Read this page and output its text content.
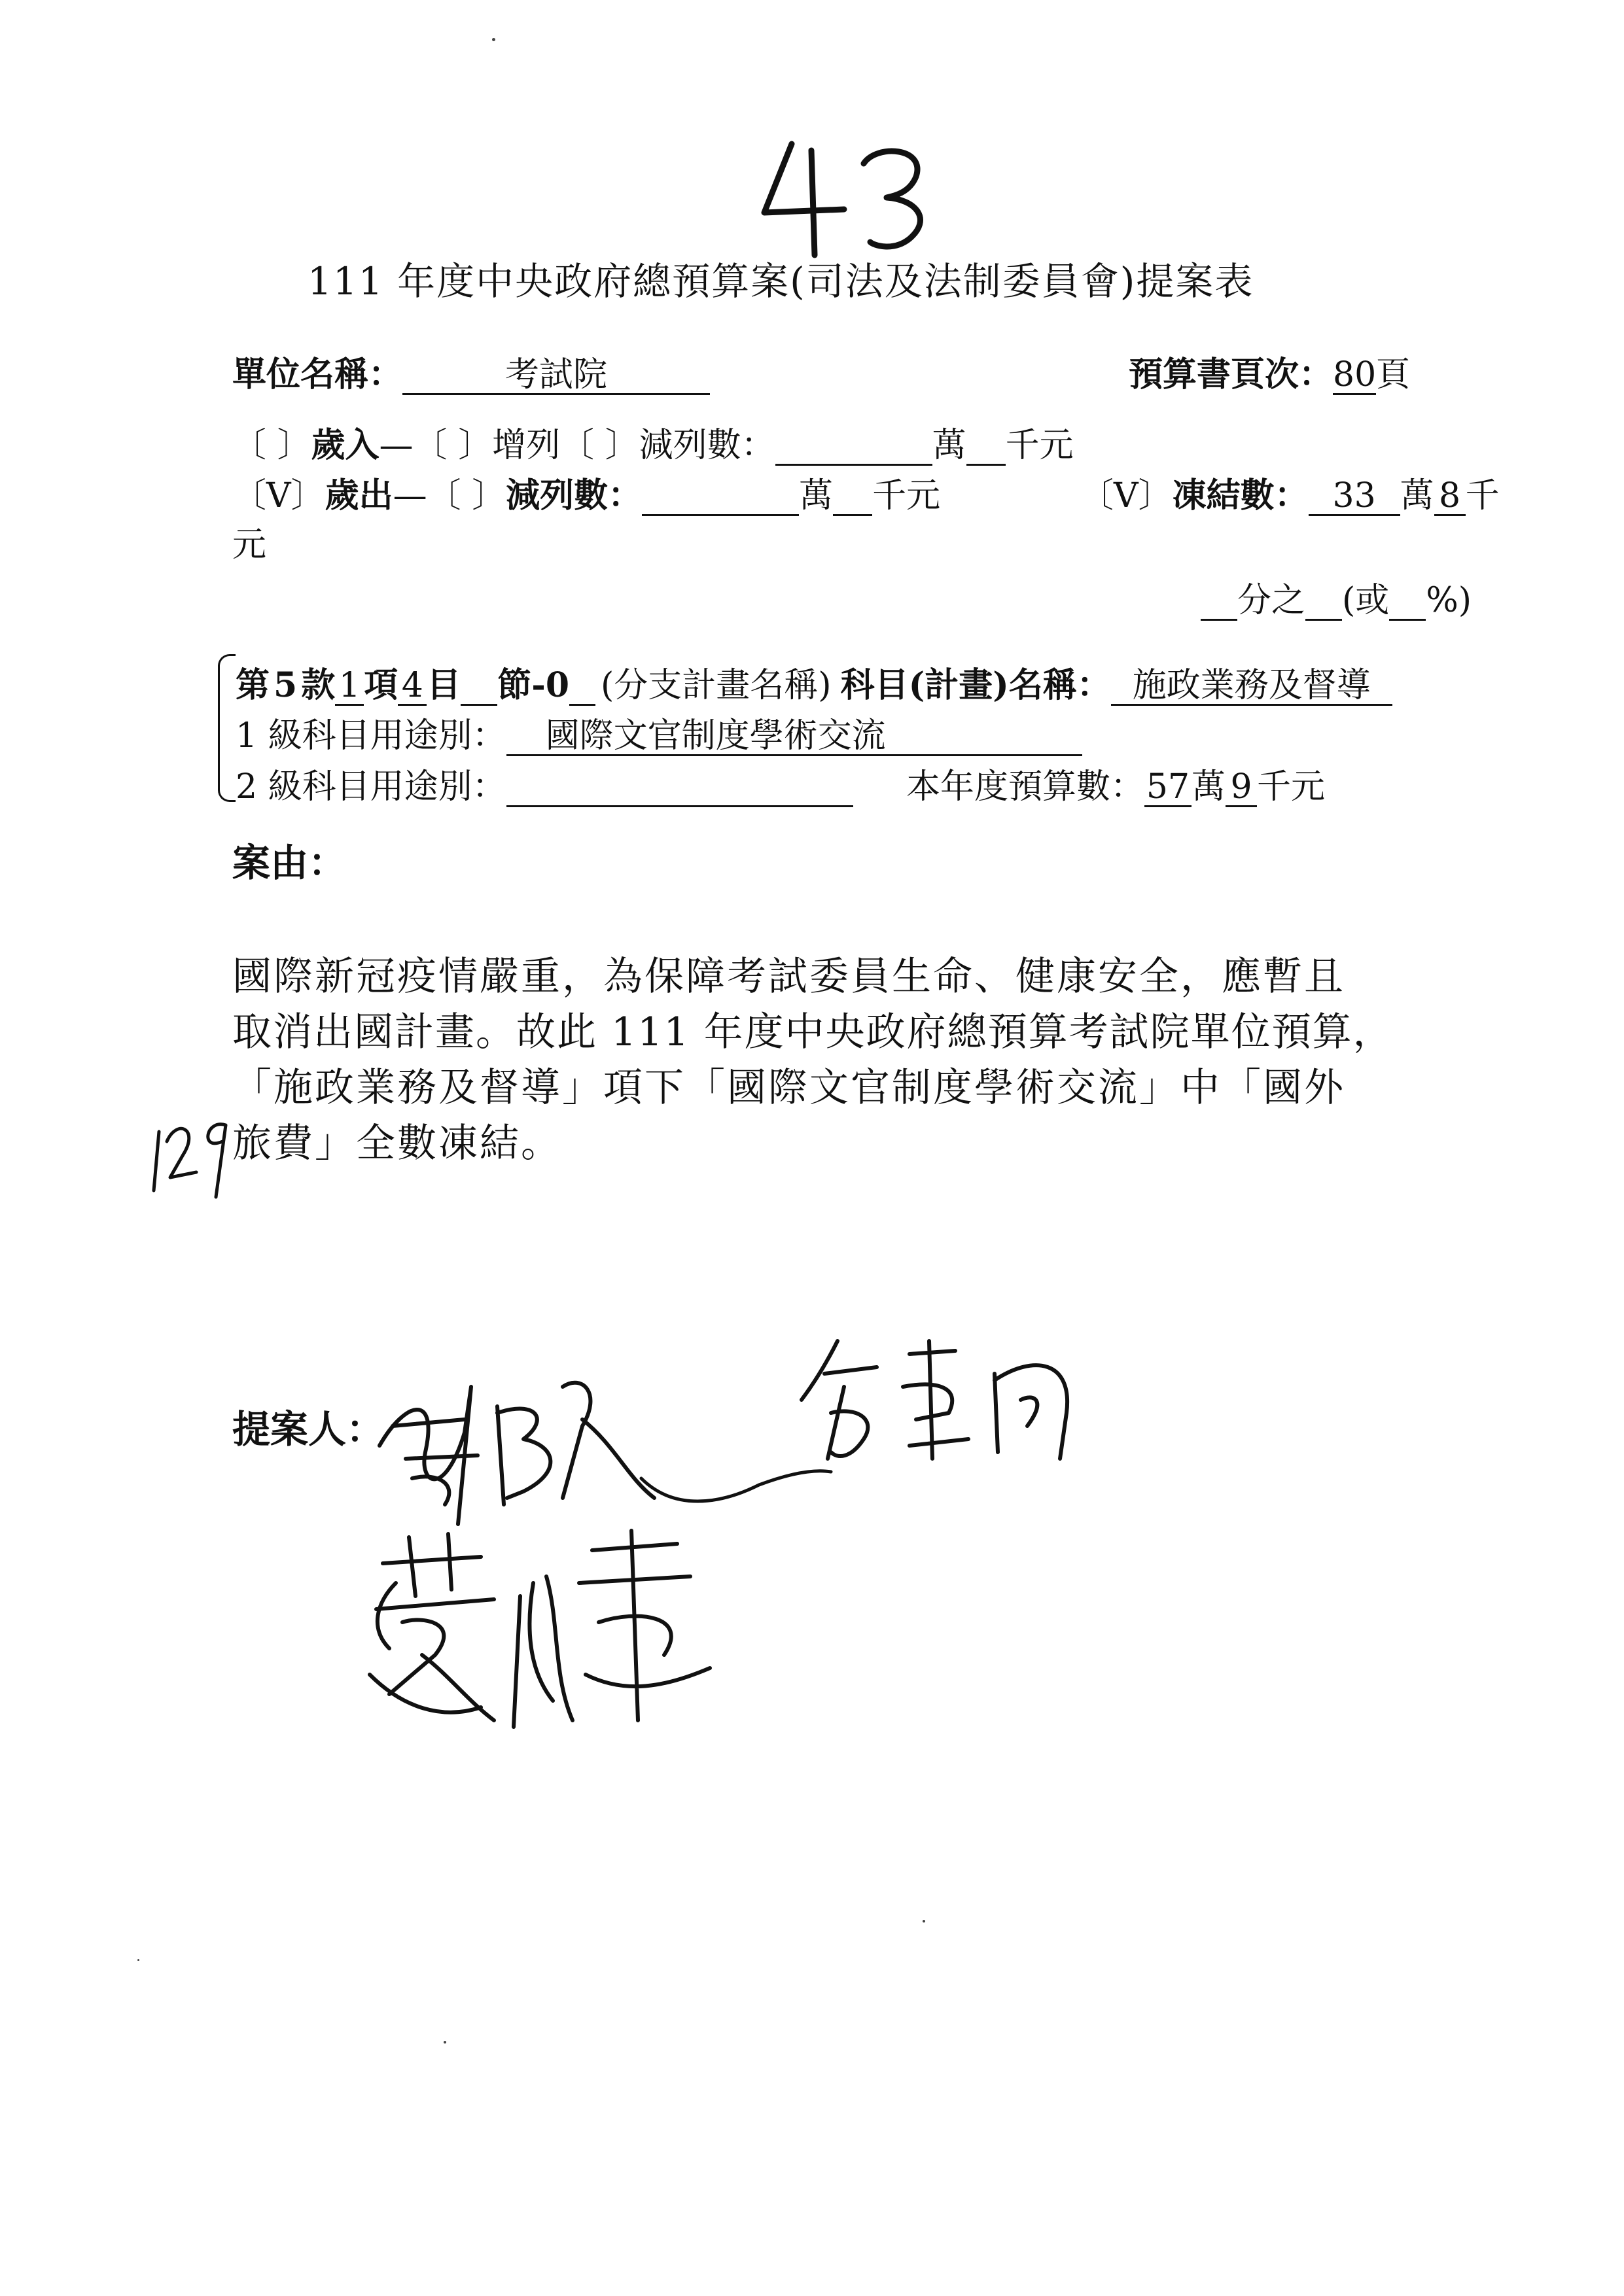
111 年度中央政府總預算案(司法及法制委員會)提案表
單位名稱：	考試院	預算書頁次：80頁
〔 〕歲入—〔 〕增列〔 〕減列數：	萬 千元
〔V〕歲出—〔 〕減列數：	萬 千元	〔V〕凍結數： 33 萬 8 千
元
分之 (或 %)
第 5 款 1 項 4 目 節-0 (分支計畫名稱) 科目(計畫)名稱： 施政業務及督導
1 級科目用途別： 國際文官制度學術交流
2 級科目用途別：	本年度預算數：57萬 9 千元
案由：
國際新冠疫情嚴重，為保障考試委員生命、健康安全，應暫且
取消出國計畫。故此 111 年度中央政府總預算考試院單位預算，
「施政業務及督導」項下「國際文官制度學術交流」中「國外
旅費」全數凍結。
提案人：
